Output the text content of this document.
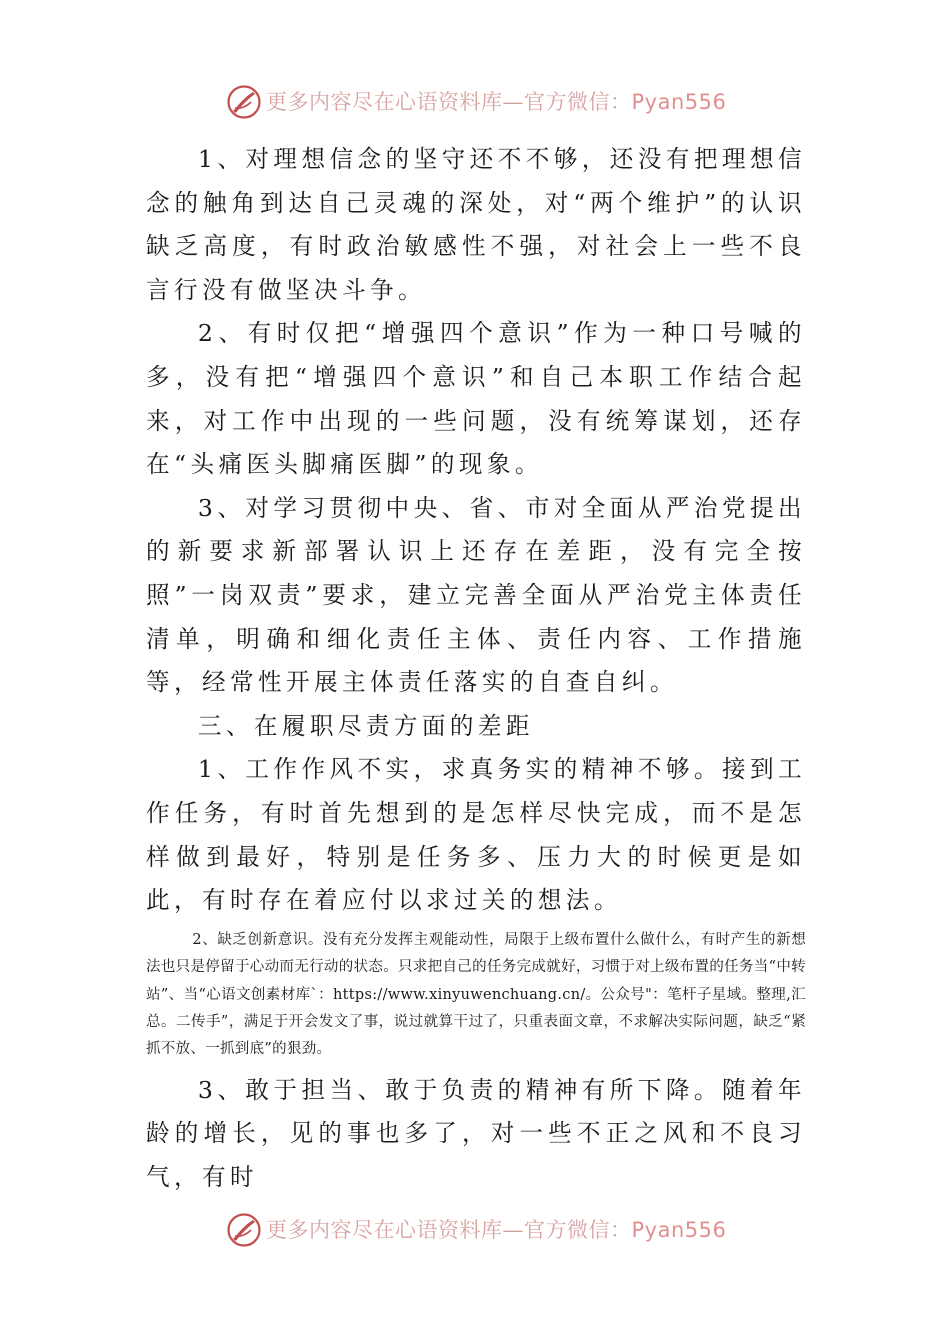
更多内容尽在心语资料库—官方微信：Pyan556

1、对理想信念的坚守还不不够，还没有把理想信念的触角到达自己灵魂的深处，对“两个维护”的认识缺乏高度，有时政治敏感性不强，对社会上一些不良言行没有做坚决斗争。

2、有时仅把“增强四个意识”作为一种口号喊的多，没有把“增强四个意识”和自己本职工作结合起来，对工作中出现的一些问题，没有统筹谋划，还存在“头痛医头脚痛医脚”的现象。

3、对学习贯彻中央、省、市对全面从严治党提出的新要求新部署认识上还存在差距，没有完全按照”一岗双责”要求，建立完善全面从严治党主体责任清单，明确和细化责任主体、责任内容、工作措施等，经常性开展主体责任落实的自查自纠。

三、在履职尽责方面的差距

1、工作作风不实，求真务实的精神不够。接到工作任务，有时首先想到的是怎样尽快完成，而不是怎样做到最好，特别是任务多、压力大的时候更是如此，有时存在着应付以求过关的想法。

2、缺乏创新意识。没有充分发挥主观能动性，局限于上级布置什么做什么，有时产生的新想法也只是停留于心动而无行动的状态。只求把自己的任务完成就好，习惯于对上级布置的任务当“中转站”、当“心语文创素材库`：https://www.xinyuwenchuang.cn/。公众号"：笔杆子星域。整理,汇总。二传手”，满足于开会发文了事，说过就算干过了，只重表面文章，不求解决实际问题，缺乏“紧抓不放、一抓到底”的狠劲。

3、敢于担当、敢于负责的精神有所下降。随着年龄的增长，见的事也多了，对一些不正之风和不良习气，有时

更多内容尽在心语资料库—官方微信：Pyan556
